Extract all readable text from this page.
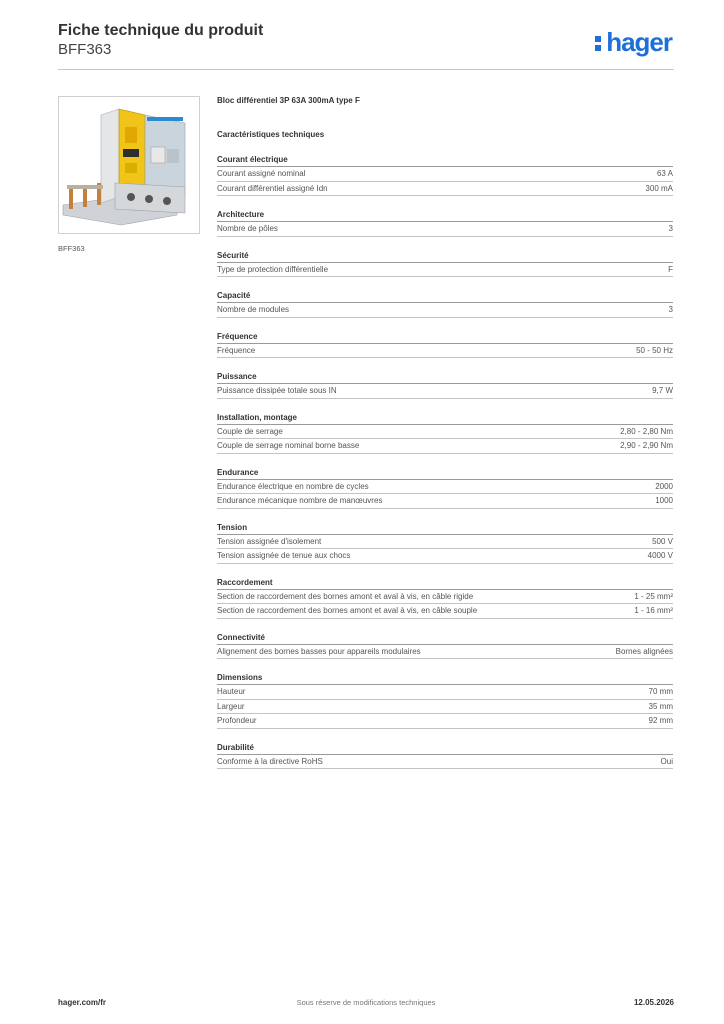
Fiche technique du produit
BFF363	hager
BFF363
Bloc différentiel 3P 63A 300mA type F
Caractéristiques techniques
Courant électrique
Courant assigné nominal	63 A
Courant différentiel assigné Idn	300 mA
Architecture
Nombre de pôles	3
Sécurité
Type de protection différentielle	F
Capacité
Nombre de modules	3
Fréquence
Fréquence	50 - 50 Hz
Puissance
Puissance dissipée totale sous IN	9,7 W
Installation, montage
Couple de serrage	2,80 - 2,80 Nm
Couple de serrage nominal borne basse	2,90 - 2,90 Nm
Endurance
Endurance électrique en nombre de cycles	2000
Endurance mécanique nombre de manœuvres	1000
Tension
Tension assignée d'isolement	500 V
Tension assignée de tenue aux chocs	4000 V
Raccordement
Section de raccordement des bornes amont et aval à vis, en câble rigide	1 - 25 mm²
Section de raccordement des bornes amont et aval à vis, en câble souple	1 - 16 mm²
Connectivité
Alignement des bornes basses pour appareils modulaires	Bornes alignées
Dimensions
Hauteur	70 mm
Largeur	35 mm
Profondeur	92 mm
Durabilité
Conforme à la directive RoHS	Oui
hager.com/fr	Sous réserve de modifications techniques	12.05.2026
